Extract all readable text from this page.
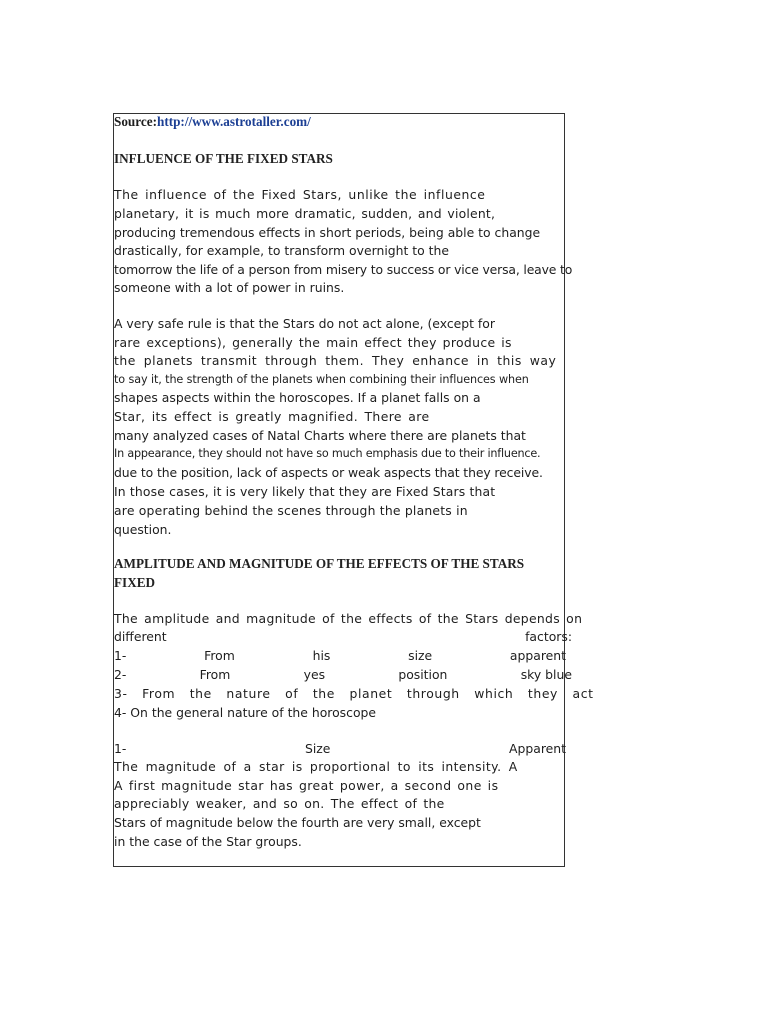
Source:http://www.astrotaller.com/
INFLUENCE OF THE FIXED STARS
The influence of the Fixed Stars, unlike the influence
planetary, it is much more dramatic, sudden, and violent,
producing tremendous effects in short periods, being able to change
drastically, for example, to transform overnight to the
tomorrow the life of a person from misery to success or vice versa, leave to
someone with a lot of power in ruins.
A very safe rule is that the Stars do not act alone, (except for
rare exceptions), generally the main effect they produce is
the planets transmit through them. They enhance in this way
to say it, the strength of the planets when combining their influences when
shapes aspects within the horoscopes. If a planet falls on a
Star, its effect is greatly magnified. There are
many analyzed cases of Natal Charts where there are planets that
In appearance, they should not have so much emphasis due to their influence.
due to the position, lack of aspects or weak aspects that they receive.
In those cases, it is very likely that they are Fixed Stars that
are operating behind the scenes through the planets in
question.
AMPLITUDE AND MAGNITUDE OF THE EFFECTS OF THE STARS
FIXED
The amplitude and magnitude of the effects of the Stars depends on
different	factors:
1-	From	his	size	apparent
2-	From	yes	position	sky blue
3- From the nature of the planet through which they act
4- On the general nature of the horoscope
1-	Size	Apparent
The magnitude of a star is proportional to its intensity. A
A first magnitude star has great power, a second one is
appreciably weaker, and so on. The effect of the
Stars of magnitude below the fourth are very small, except
in the case of the Star groups.
